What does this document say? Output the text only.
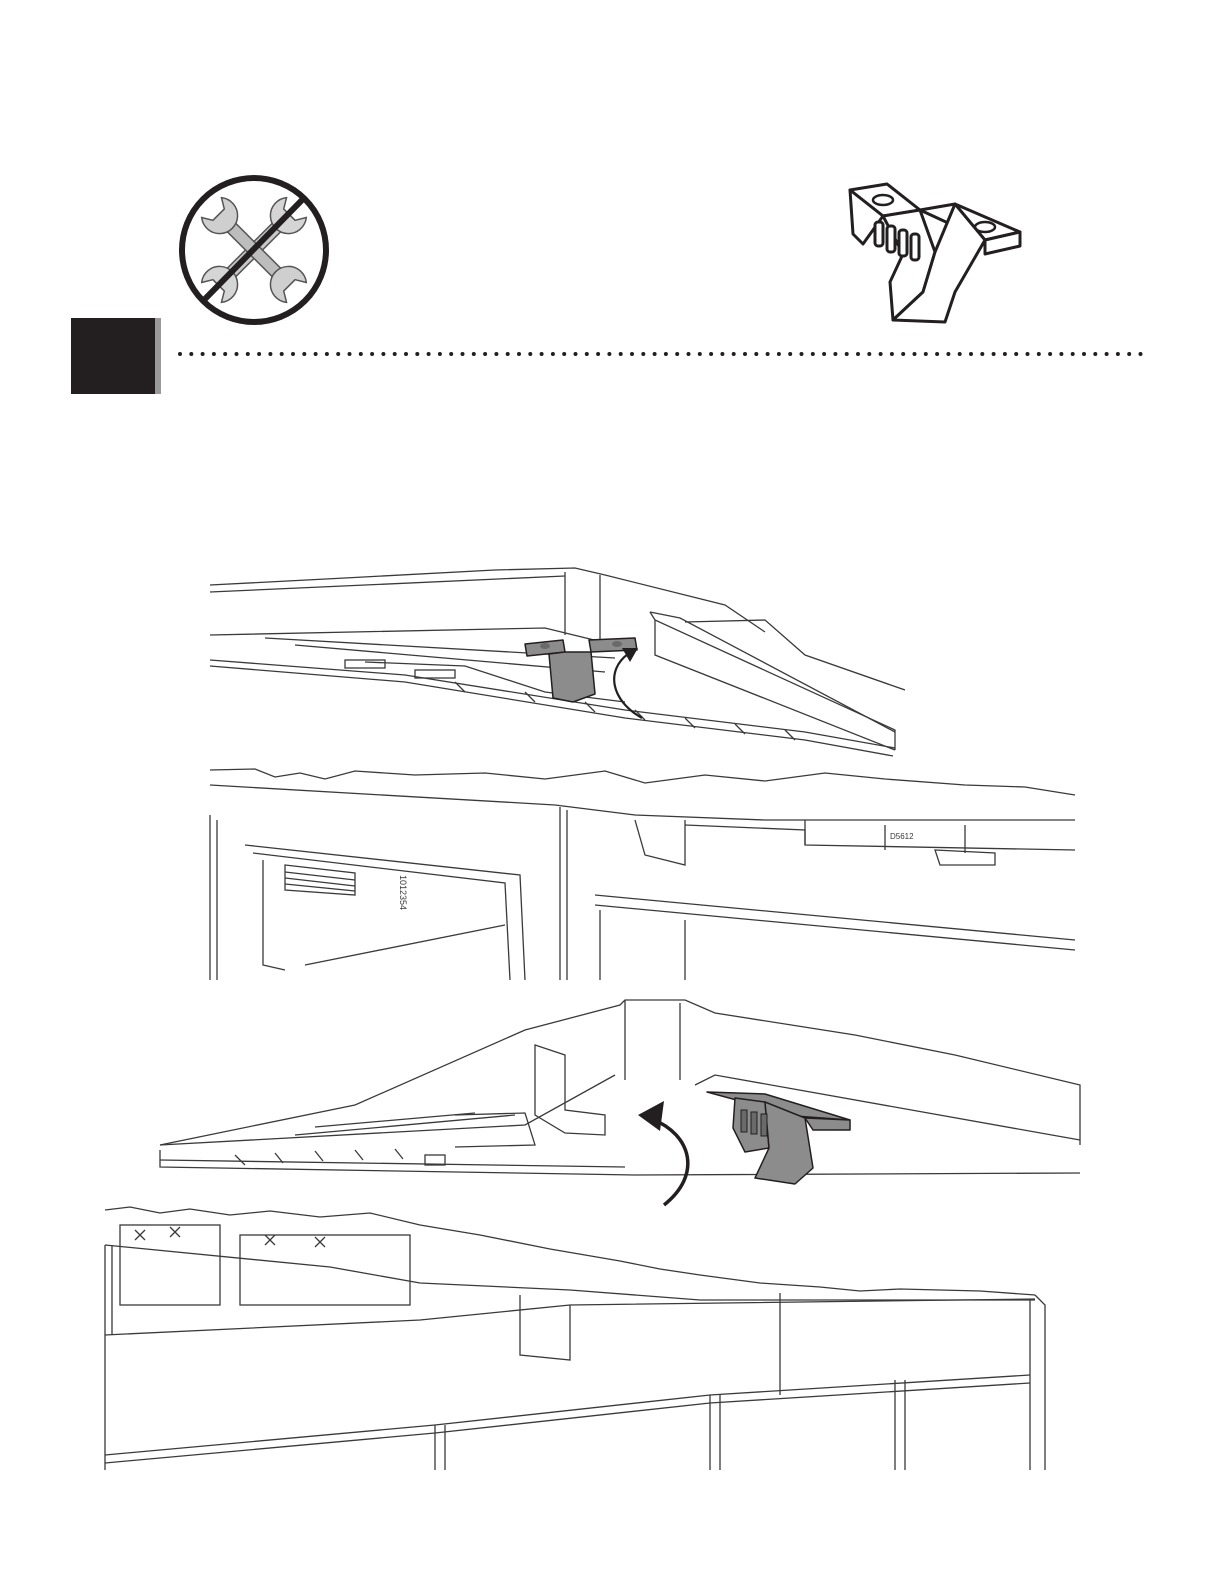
1012354
D5612
